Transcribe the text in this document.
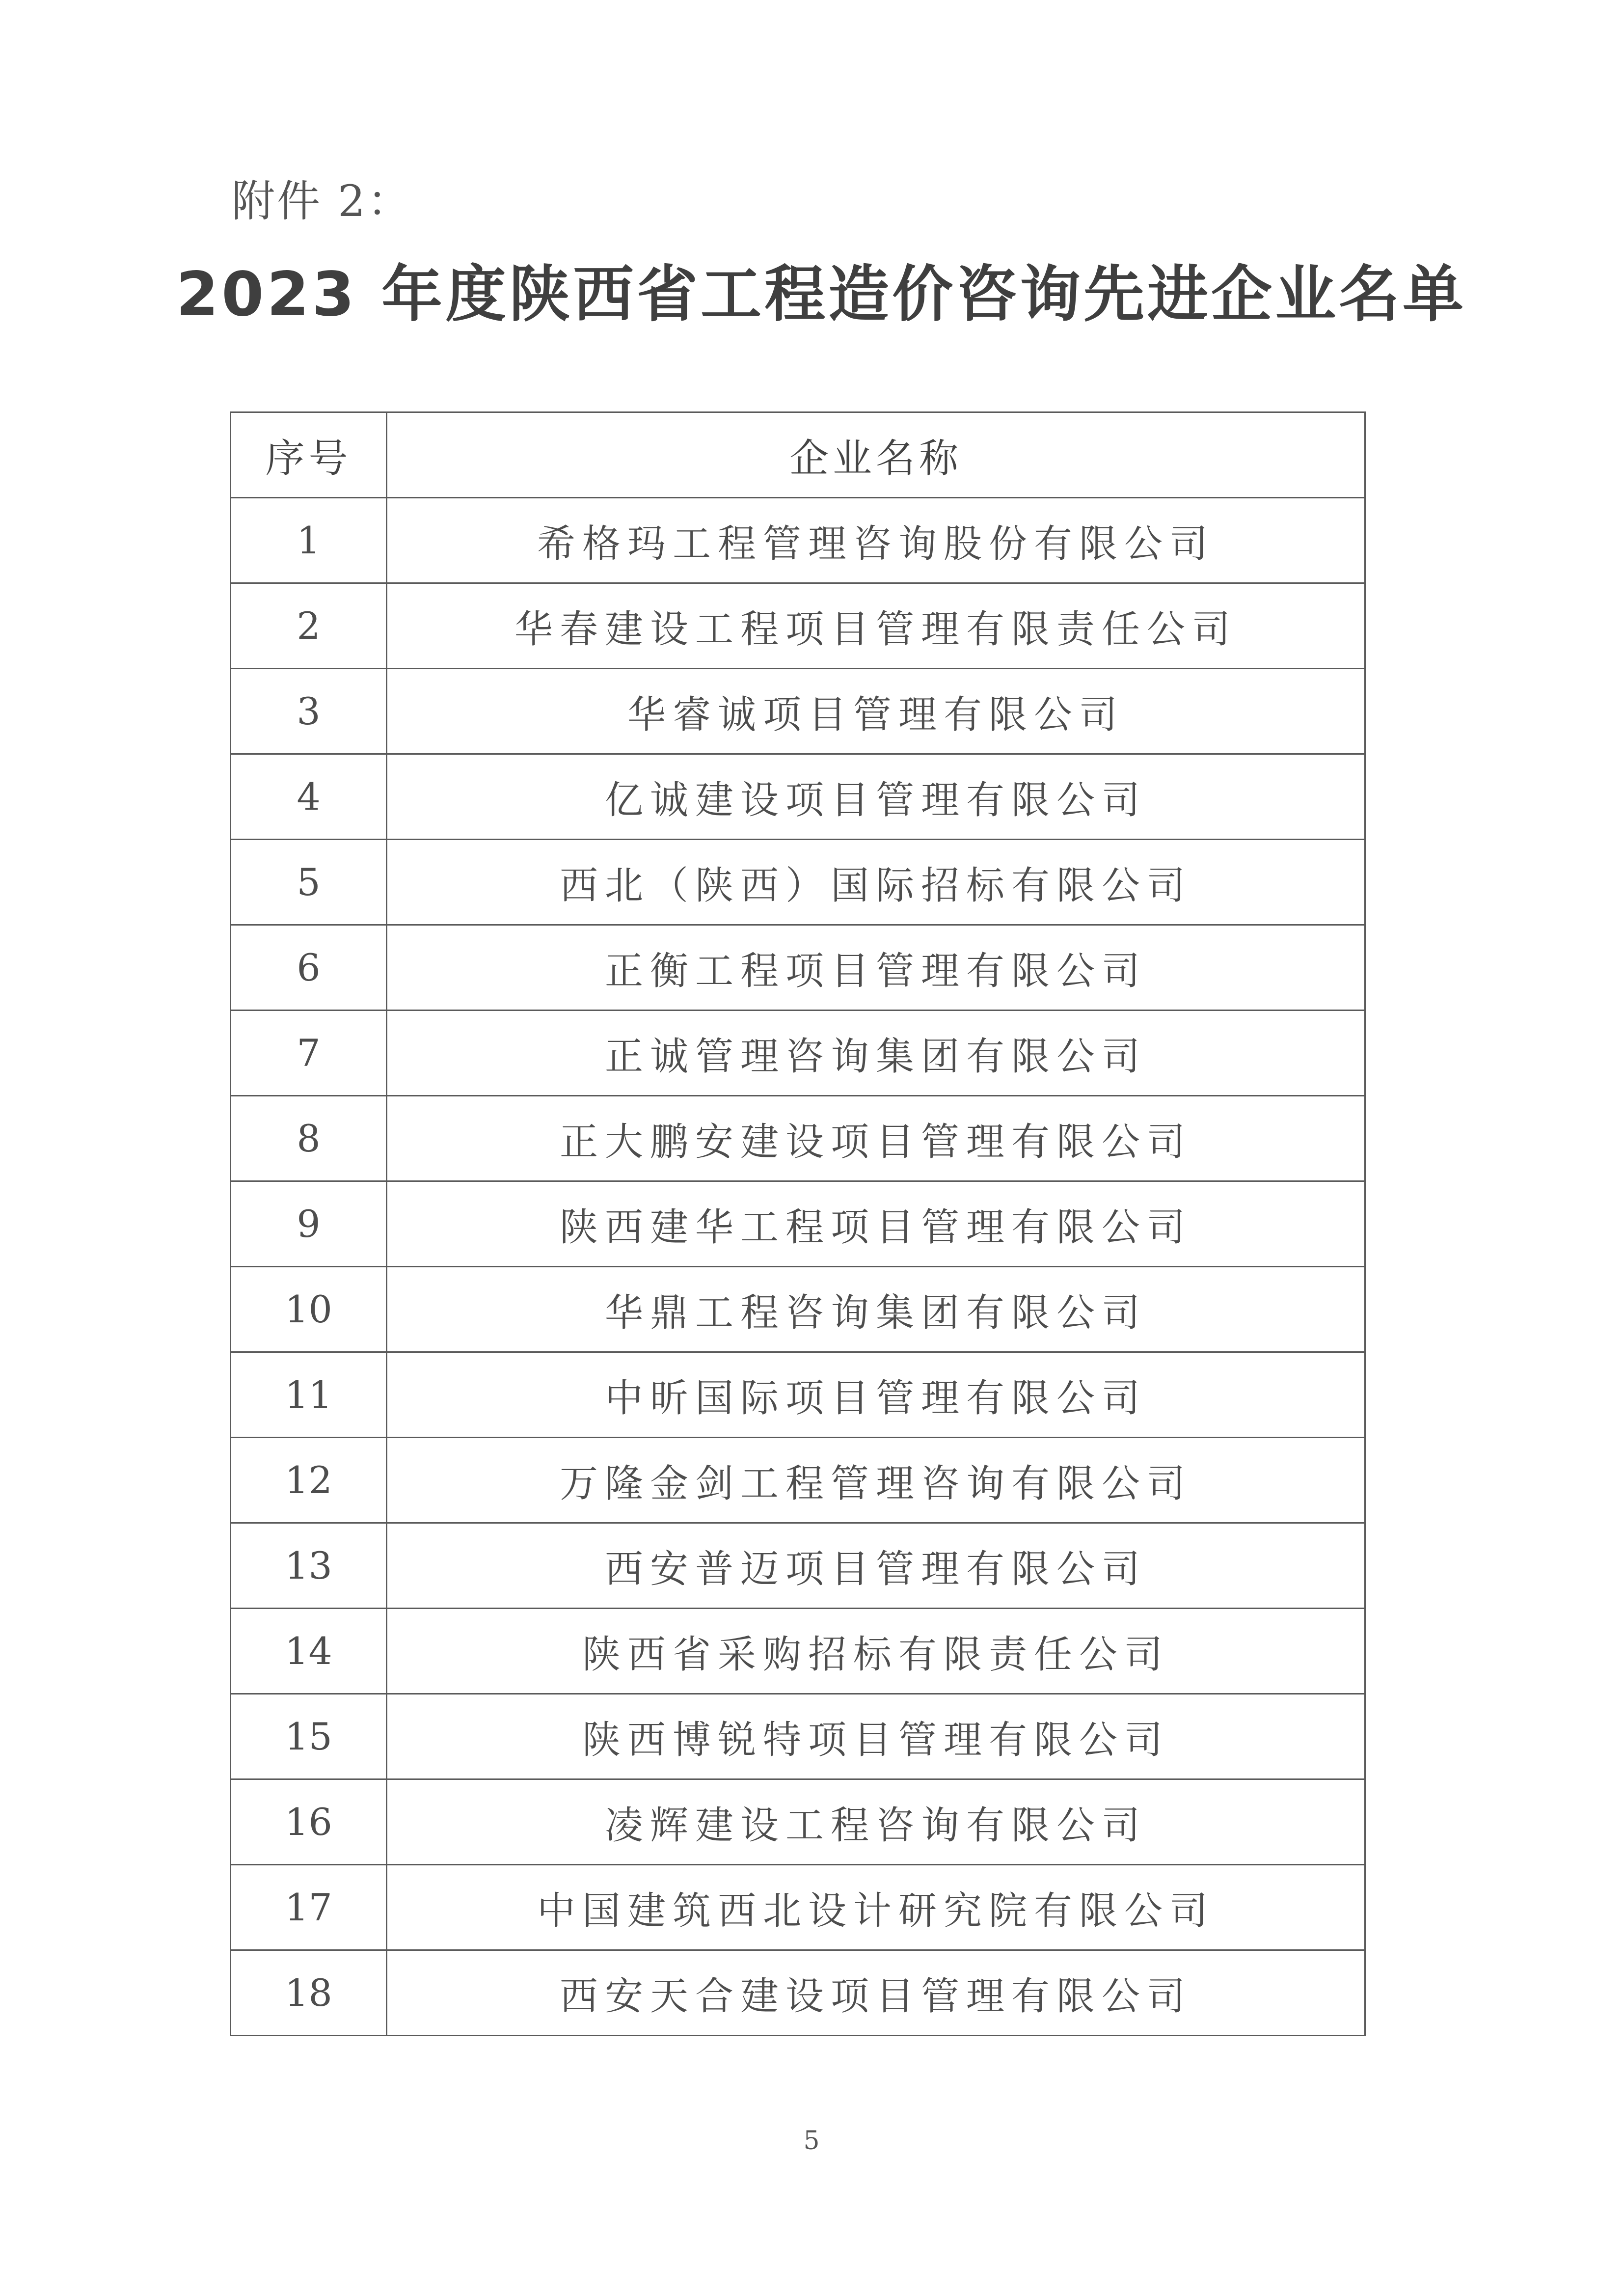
附件 2：
2023 年度陕西省工程造价咨询先进企业名单
序号	企业名称
1	希格玛工程管理咨询股份有限公司
2	华春建设工程项目管理有限责任公司
3	华睿诚项目管理有限公司
4	亿诚建设项目管理有限公司
5	西北（陕西）国际招标有限公司
6	正衡工程项目管理有限公司
7	正诚管理咨询集团有限公司
8	正大鹏安建设项目管理有限公司
9	陕西建华工程项目管理有限公司
10	华鼎工程咨询集团有限公司
11	中昕国际项目管理有限公司
12	万隆金剑工程管理咨询有限公司
13	西安普迈项目管理有限公司
14	陕西省采购招标有限责任公司
15	陕西博锐特项目管理有限公司
16	凌辉建设工程咨询有限公司
17	中国建筑西北设计研究院有限公司
18	西安天合建设项目管理有限公司
5
